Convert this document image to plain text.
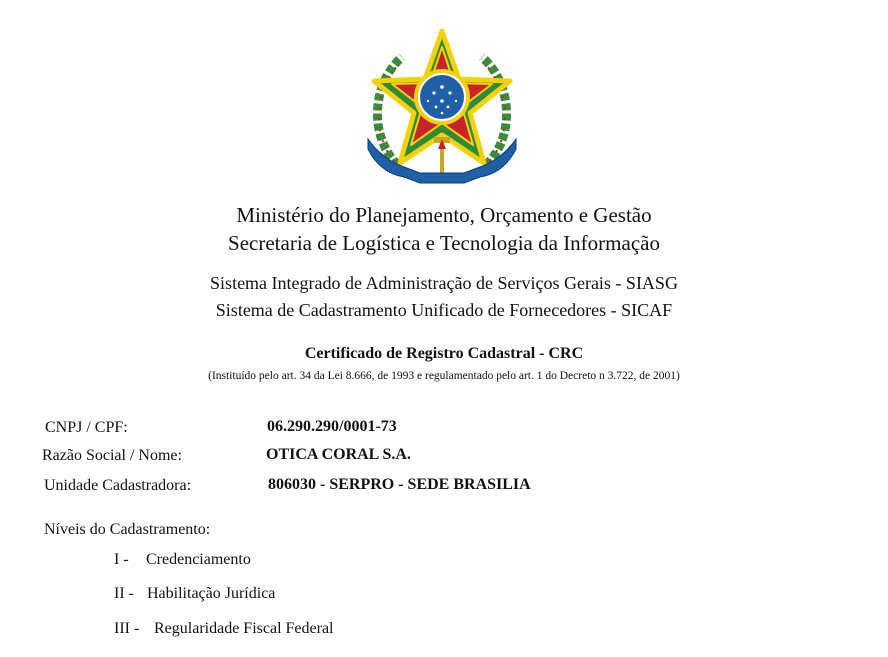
Ministério do Planejamento, Orçamento e Gestão
Secretaria de Logística e Tecnologia da Informação
Sistema Integrado de Administração de Serviços Gerais - SIASG
Sistema de Cadastramento Unificado de Fornecedores - SICAF
Certificado de Registro Cadastral - CRC
(Instituído pelo art. 34 da Lei 8.666, de 1993 e regulamentado pelo art. 1 do Decreto n 3.722, de 2001)
CNPJ / CPF:	06.290.290/0001-73
Razão Social / Nome:	OTICA CORAL S.A.
Unidade Cadastradora:	806030 - SERPRO - SEDE BRASILIA
Níveis do Cadastramento:
I - Credenciamento
II - Habilitação Jurídica
III - Regularidade Fiscal Federal
